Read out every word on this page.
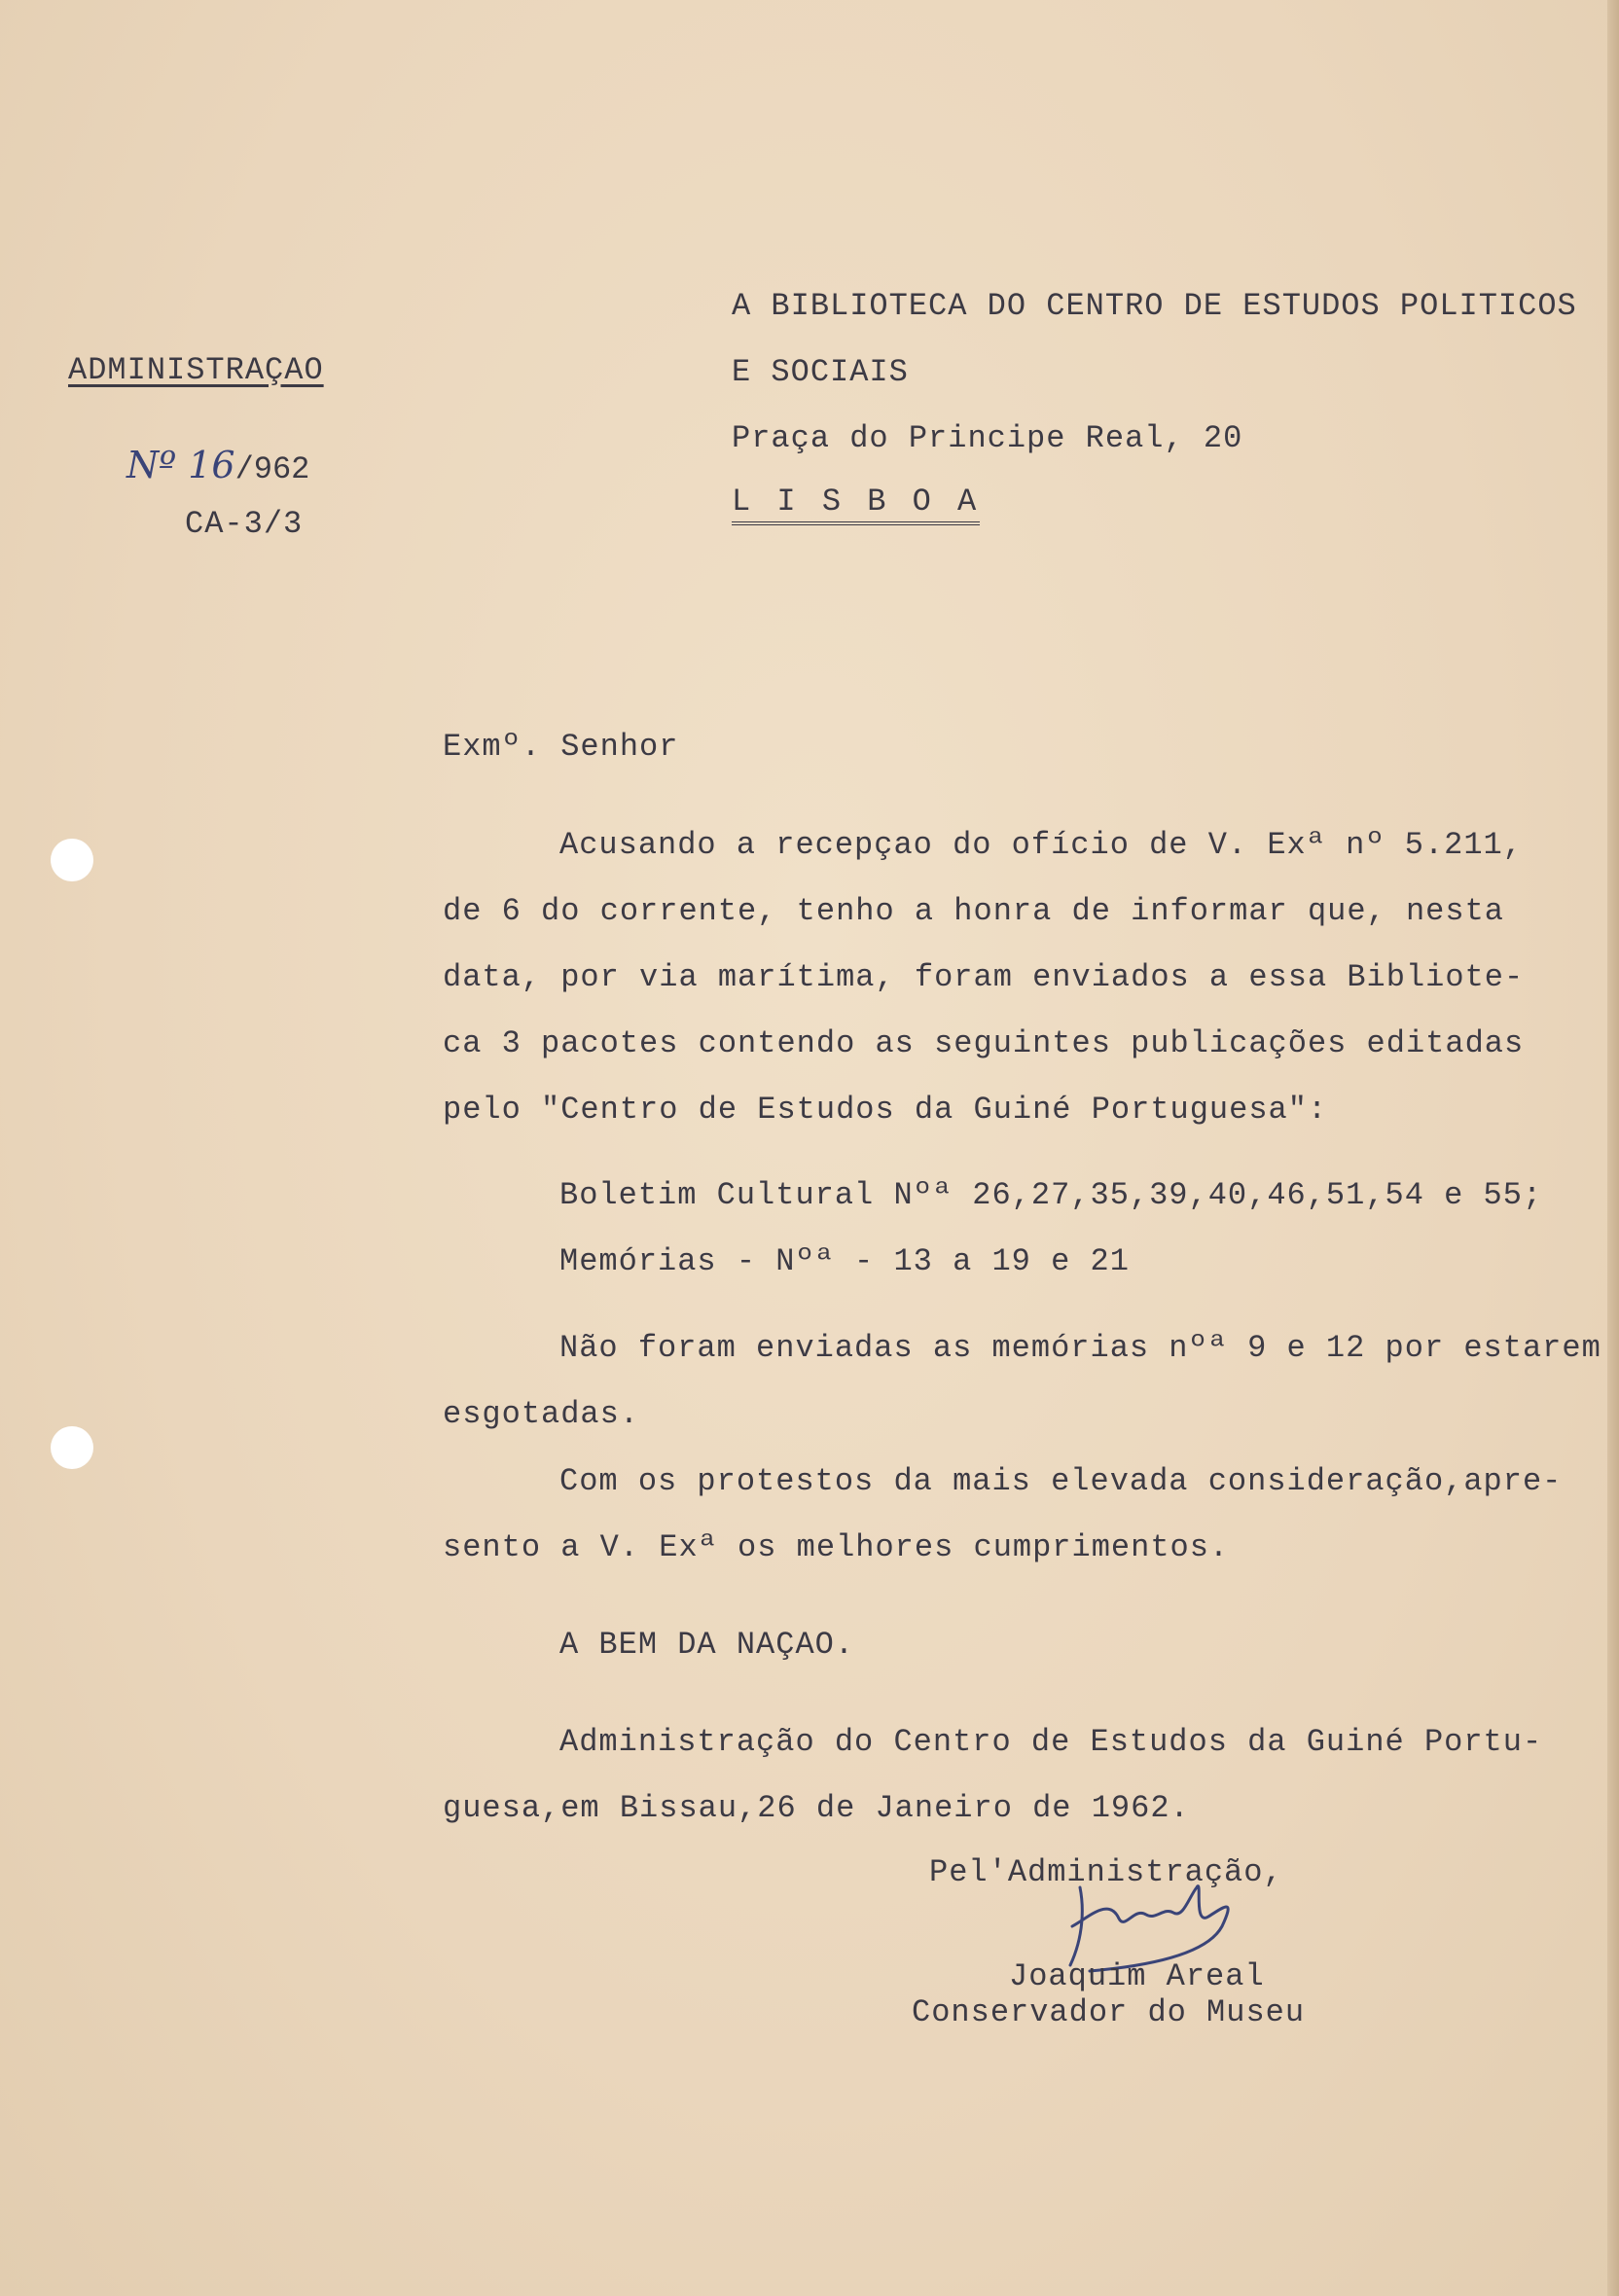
ADMINISTRAÇAO
Nº 16/962
CA-3/3
A BIBLIOTECA DO CENTRO DE ESTUDOS POLITICOS
E SOCIAIS
Praça do Principe Real, 20
L I S B O A
Exmº. Senhor
Acusando a recepçao do ofício de V. Exª nº 5.211,
de 6 do corrente, tenho a honra de informar que, nesta
data, por via marítima, foram enviados a essa Bibliote-
ca 3 pacotes contendo as seguintes publicações editadas
pelo "Centro de Estudos da Guiné Portuguesa":
Boletim Cultural Nºª 26,27,35,39,40,46,51,54 e 55;
Memórias - Nºª - 13 a 19 e 21
Não foram enviadas as memórias nºª 9 e 12 por estarem
esgotadas.
Com os protestos da mais elevada consideração,apre-
sento a V. Exª os melhores cumprimentos.
A BEM DA NAÇAO.
Administração do Centro de Estudos da Guiné Portu-
guesa,em Bissau,26 de Janeiro de 1962.
Pel'Administração,
Joaquim Areal
Conservador do Museu
